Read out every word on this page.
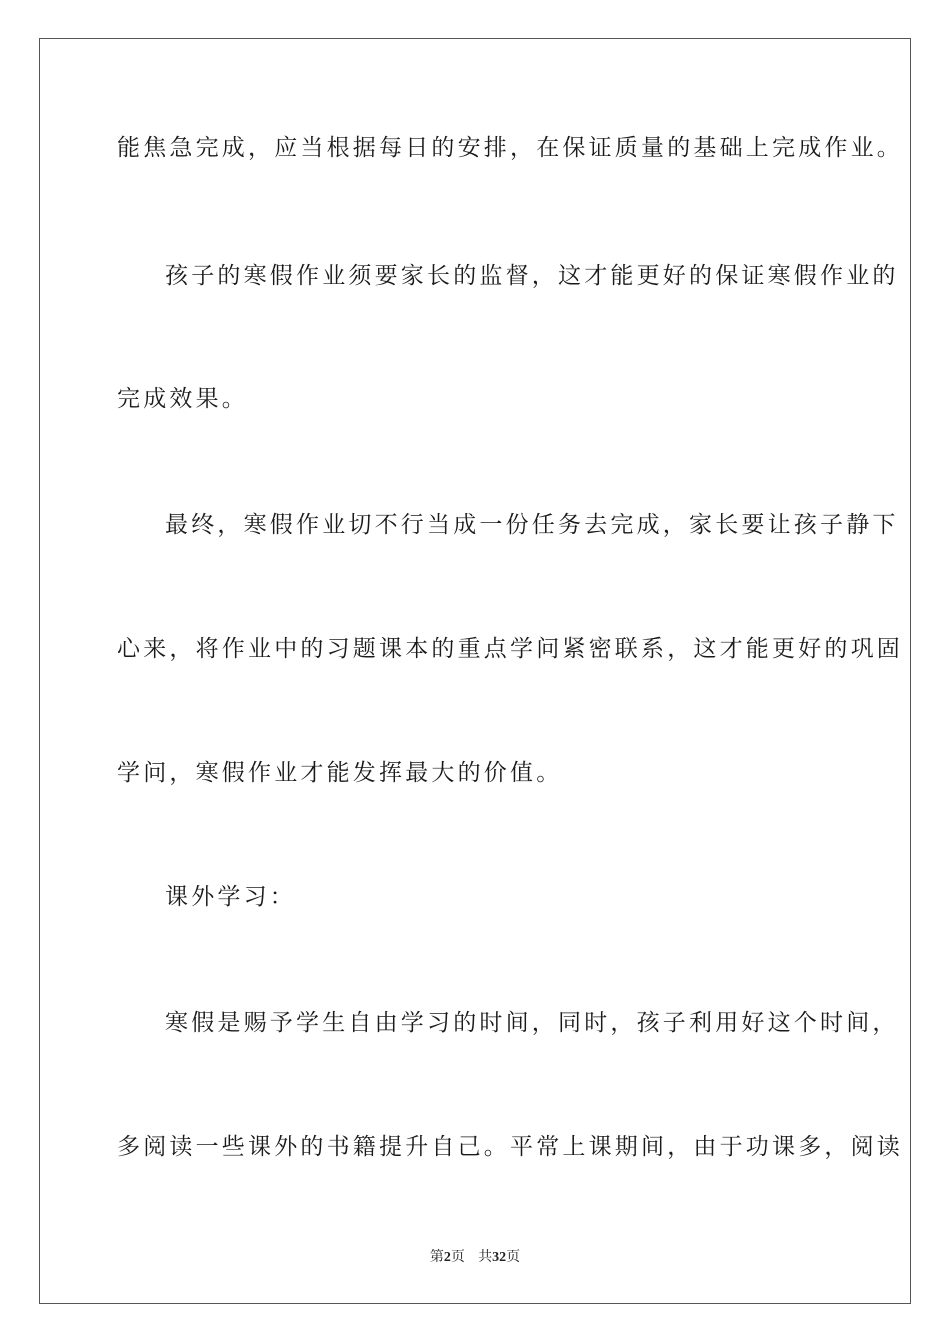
能焦急完成，应当根据每日的安排，在保证质量的基础上完成作业。
孩子的寒假作业须要家长的监督，这才能更好的保证寒假作业的
完成效果。
最终，寒假作业切不行当成一份任务去完成，家长要让孩子静下
心来，将作业中的习题课本的重点学问紧密联系，这才能更好的巩固
学问，寒假作业才能发挥最大的价值。
课外学习：
寒假是赐予学生自由学习的时间，同时，孩子利用好这个时间，
多阅读一些课外的书籍提升自己。平常上课期间，由于功课多，阅读
第2页 共32页
